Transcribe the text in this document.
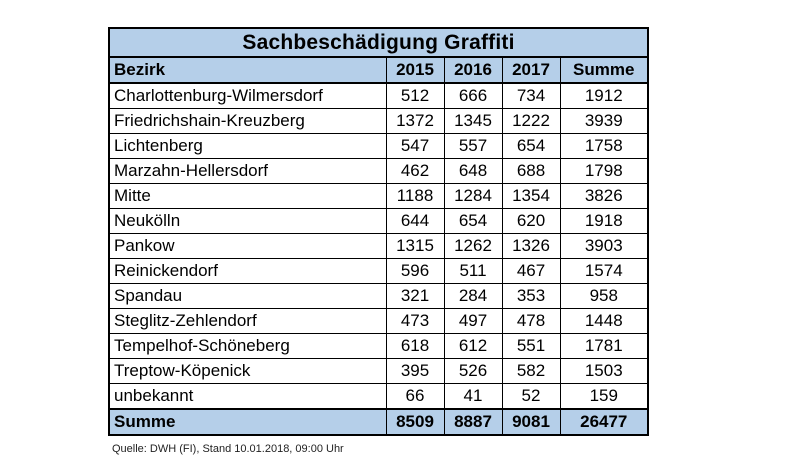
Sachbeschädigung Graffiti				
Bezirk	2015	2016	2017	Summe
Charlottenburg-Wilmersdorf	512	666	734	1912
Friedrichshain-Kreuzberg	1372	1345	1222	3939
Lichtenberg	547	557	654	1758
Marzahn-Hellersdorf	462	648	688	1798
Mitte	1188	1284	1354	3826
Neukölln	644	654	620	1918
Pankow	1315	1262	1326	3903
Reinickendorf	596	511	467	1574
Spandau	321	284	353	958
Steglitz-Zehlendorf	473	497	478	1448
Tempelhof-Schöneberg	618	612	551	1781
Treptow-Köpenick	395	526	582	1503
unbekannt	66	41	52	159
Summe	8509	8887	9081	26477
Quelle: DWH (FI), Stand 10.01.2018, 09:00 Uhr
